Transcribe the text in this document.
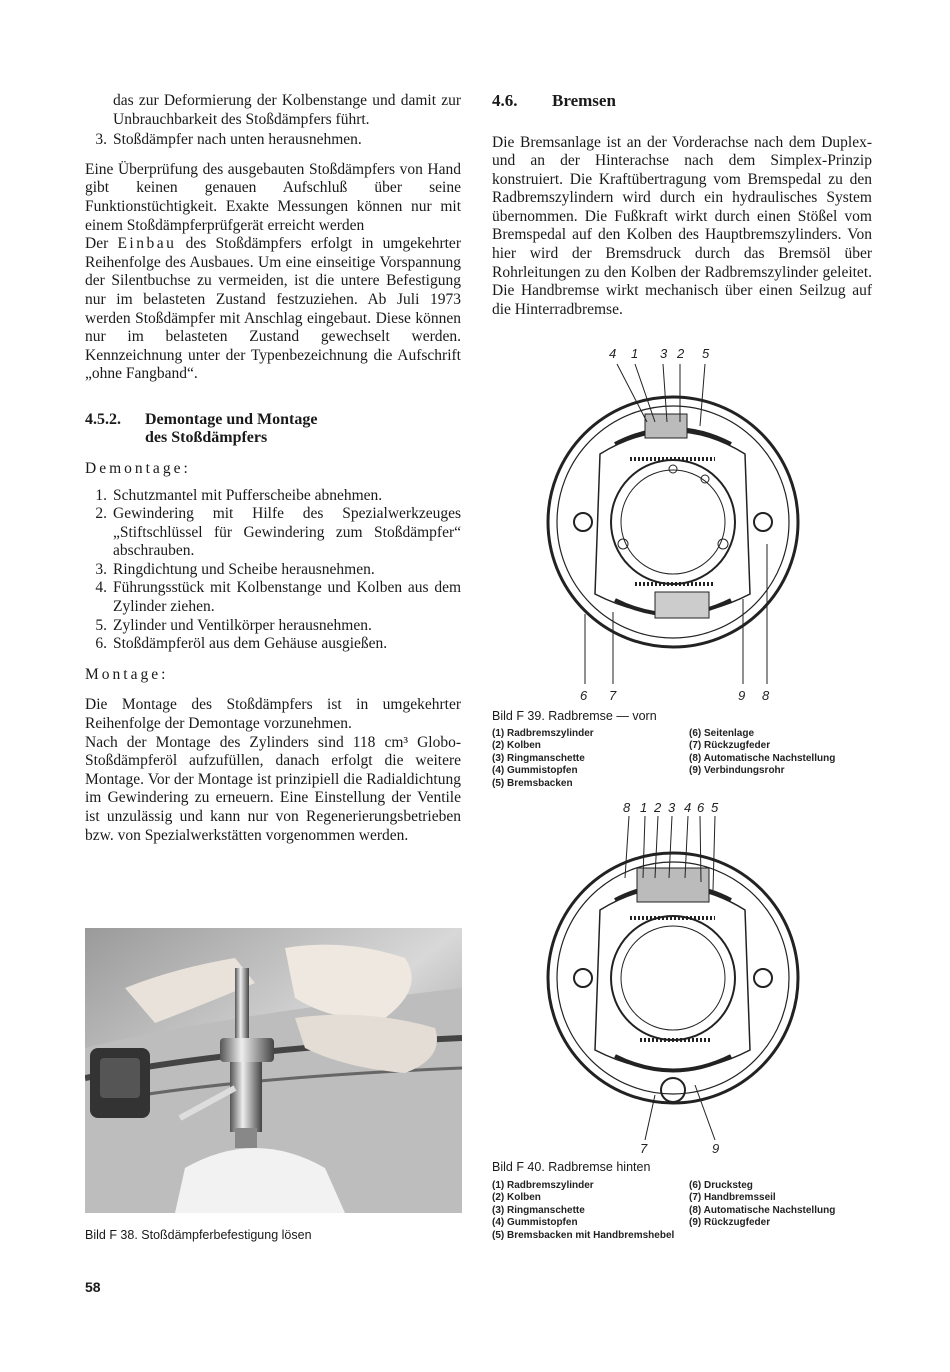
das zur Deformierung der Kolbenstange und damit zur Unbrauchbarkeit des Stoßdämpfers führt.

3. Stoßdämpfer nach unten herausnehmen.

Eine Überprüfung des ausgebauten Stoßdämpfers von Hand gibt keinen genauen Aufschluß über seine Funktionstüchtigkeit. Exakte Messungen können nur mit einem Stoßdämpferprüfgerät erreicht werden

Der Einbau des Stoßdämpfers erfolgt in umgekehrter Reihenfolge des Ausbaues. Um eine einseitige Vorspannung der Silentbuchse zu vermeiden, ist die untere Befestigung nur im belasteten Zustand festzuziehen. Ab Juli 1973 werden Stoßdämpfer mit Anschlag eingebaut. Diese können nur im belasteten Zustand gewechselt werden. Kennzeichnung unter der Typenbezeichnung die Aufschrift „ohne Fangband“.

4.5.2. Demontage und Montage
des Stoßdämpfers

Demontage:

1. Schutzmantel mit Pufferscheibe abnehmen.
2. Gewindering mit Hilfe des Spezialwerkzeuges „Stiftschlüssel für Gewindering zum Stoßdämpfer“ abschrauben.
3. Ringdichtung und Scheibe herausnehmen.
4. Führungsstück mit Kolbenstange und Kolben aus dem Zylinder ziehen.
5. Zylinder und Ventilkörper herausnehmen.
6. Stoßdämpferöl aus dem Gehäuse ausgießen.

Montage:

Die Montage des Stoßdämpfers ist in umgekehrter Reihenfolge der Demontage vorzunehmen.

Nach der Montage des Zylinders sind 118 cm³ Globo-Stoßdämpferöl aufzufüllen, danach erfolgt die weitere Montage. Vor der Montage ist prinzipiell die Radialdichtung im Gewindering zu erneuern. Eine Einstellung der Ventile ist unzulässig und kann nur von Regenerierungsbetrieben bzw. von Spezialwerkstätten vorgenommen werden.

Bild F 38. Stoßdämpferbefestigung lösen
4.6. Bremsen

Die Bremsanlage ist an der Vorderachse nach dem Duplex- und an der Hinterachse nach dem Simplex-Prinzip konstruiert. Die Kraftübertragung vom Bremspedal zu den Radbremszylindern wird durch ein hydraulisches System übernommen. Die Fußkraft wirkt durch einen Stößel vom Bremspedal auf den Kolben des Hauptbremszylinders. Von hier wird der Bremsdruck durch das Bremsöl über Rohrleitungen zu den Kolben der Radbremszylinder geleitet. Die Handbremse wirkt mechanisch über einen Seilzug auf die Hinterradbremse.

4 1 3 2 5
6 7	9 8
Bild F 39. Radbremse — vorn
(1) Radbremszylinder	(6) Seitenlage
(2) Kolben	(7) Rückzugfeder
(3) Ringmanschette	(8) Automatische Nachstellung
(4) Gummistopfen	(9) Verbindungsrohr
(5) Bremsbacken
8 1 2 3 4 6 5
7	9
Bild F 40. Radbremse hinten
(1) Radbremszylinder	(6) Drucksteg
(2) Kolben	(7) Handbremsseil
(3) Ringmanschette	(8) Automatische Nachstellung
(4) Gummistopfen	(9) Rückzugfeder
(5) Bremsbacken mit Handbremshebel
58
